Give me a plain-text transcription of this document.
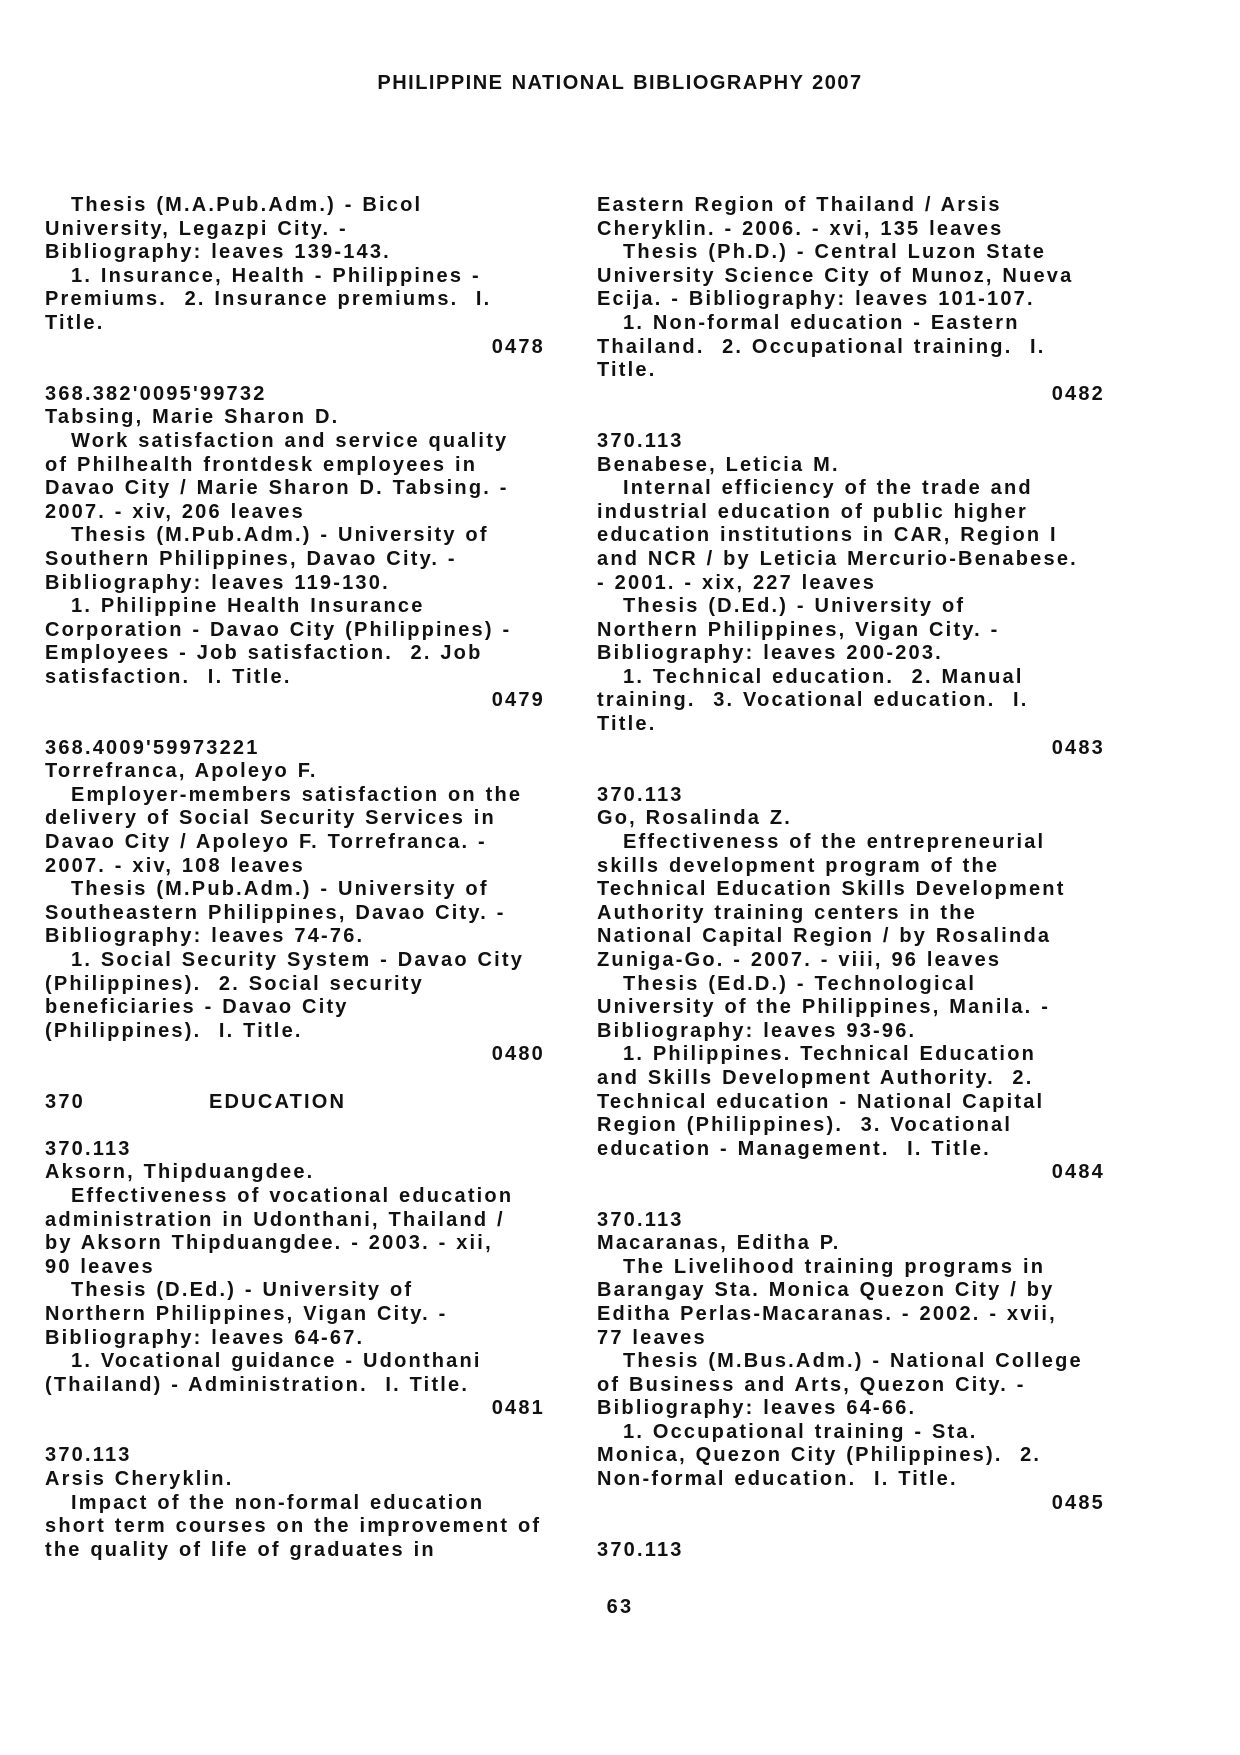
PHILIPPINE NATIONAL BIBLIOGRAPHY 2007
Thesis (M.A.Pub.Adm.) - Bicol
University, Legazpi City. -
Bibliography: leaves 139-143.
1. Insurance, Health - Philippines -
Premiums.  2. Insurance premiums.  I.
Title.
0478
368.382'0095'99732
Tabsing, Marie Sharon D.
Work satisfaction and service quality
of Philhealth frontdesk employees in
Davao City / Marie Sharon D. Tabsing. -
2007. - xiv, 206 leaves
Thesis (M.Pub.Adm.) - University of
Southern Philippines, Davao City. -
Bibliography: leaves 119-130.
1. Philippine Health Insurance
Corporation - Davao City (Philippines) -
Employees - Job satisfaction.  2. Job
satisfaction.  I. Title.
0479
368.4009'59973221
Torrefranca, Apoleyo F.
Employer-members satisfaction on the
delivery of Social Security Services in
Davao City / Apoleyo F. Torrefranca. -
2007. - xiv, 108 leaves
Thesis (M.Pub.Adm.) - University of
Southeastern Philippines, Davao City. -
Bibliography: leaves 74-76.
1. Social Security System - Davao City
(Philippines).  2. Social security
beneficiaries - Davao City
(Philippines).  I. Title.
0480
370	EDUCATION
370.113
Aksorn, Thipduangdee.
Effectiveness of vocational education
administration in Udonthani, Thailand /
by Aksorn Thipduangdee. - 2003. - xii,
90 leaves
Thesis (D.Ed.) - University of
Northern Philippines, Vigan City. -
Bibliography: leaves 64-67.
1. Vocational guidance - Udonthani
(Thailand) - Administration.  I. Title.
0481
370.113
Arsis Cheryklin.
Impact of the non-formal education
short term courses on the improvement of
the quality of life of graduates in
Eastern Region of Thailand / Arsis
Cheryklin. - 2006. - xvi, 135 leaves
Thesis (Ph.D.) - Central Luzon State
University Science City of Munoz, Nueva
Ecija. - Bibliography: leaves 101-107.
1. Non-formal education - Eastern
Thailand.  2. Occupational training.  I.
Title.
0482
370.113
Benabese, Leticia M.
Internal efficiency of the trade and
industrial education of public higher
education institutions in CAR, Region I
and NCR / by Leticia Mercurio-Benabese.
- 2001. - xix, 227 leaves
Thesis (D.Ed.) - University of
Northern Philippines, Vigan City. -
Bibliography: leaves 200-203.
1. Technical education.  2. Manual
training.  3. Vocational education.  I.
Title.
0483
370.113
Go, Rosalinda Z.
Effectiveness of the entrepreneurial
skills development program of the
Technical Education Skills Development
Authority training centers in the
National Capital Region / by Rosalinda
Zuniga-Go. - 2007. - viii, 96 leaves
Thesis (Ed.D.) - Technological
University of the Philippines, Manila. -
Bibliography: leaves 93-96.
1. Philippines. Technical Education
and Skills Development Authority.  2.
Technical education - National Capital
Region (Philippines).  3. Vocational
education - Management.  I. Title.
0484
370.113
Macaranas, Editha P.
The Livelihood training programs in
Barangay Sta. Monica Quezon City / by
Editha Perlas-Macaranas. - 2002. - xvii,
77 leaves
Thesis (M.Bus.Adm.) - National College
of Business and Arts, Quezon City. -
Bibliography: leaves 64-66.
1. Occupational training - Sta.
Monica, Quezon City (Philippines).  2.
Non-formal education.  I. Title.
0485
370.113
63
